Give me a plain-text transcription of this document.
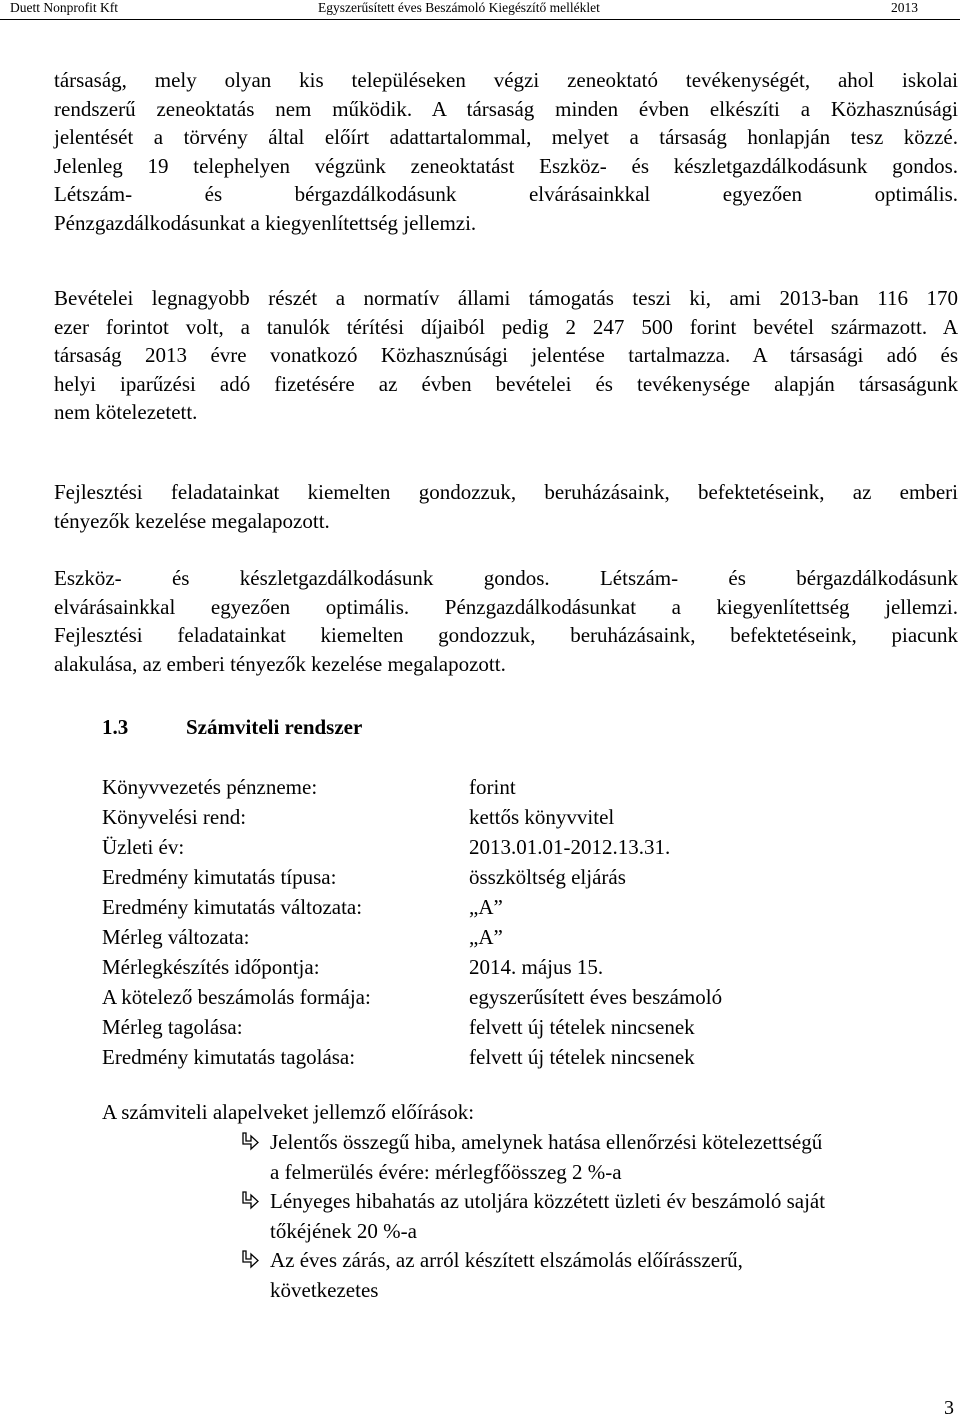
Duett Nonprofit Kft	Egyszerűsített éves Beszámoló Kiegészítő melléklet	2013
társaság, mely olyan kis településeken végzi zeneoktató tevékenységét, ahol iskolai
rendszerű zeneoktatás nem működik. A társaság minden évben elkészíti a Közhasznúsági
jelentését a törvény által előírt adattartalommal, melyet a társaság honlapján tesz közzé.
Jelenleg 19 telephelyen végzünk zeneoktatást Eszköz- és készletgazdálkodásunk gondos.
Létszám- és bérgazdálkodásunk elvárásainkkal egyezően optimális.
Pénzgazdálkodásunkat a kiegyenlítettség jellemzi.
Bevételei legnagyobb részét a normatív állami támogatás teszi ki, ami 2013-ban 116 170
ezer forintot volt, a tanulók térítési díjaiból pedig 2 247 500 forint bevétel származott. A
társaság 2013 évre vonatkozó Közhasznúsági jelentése tartalmazza. A társasági adó és
helyi iparűzési adó fizetésére az évben bevételei és tevékenysége alapján társaságunk
nem kötelezetett.
Fejlesztési feladatainkat kiemelten gondozzuk, beruházásaink, befektetéseink, az emberi
tényezők kezelése megalapozott.
Eszköz- és készletgazdálkodásunk gondos. Létszám- és bérgazdálkodásunk
elvárásainkkal egyezően optimális. Pénzgazdálkodásunkat a kiegyenlítettség jellemzi.
Fejlesztési feladatainkat kiemelten gondozzuk, beruházásaink, befektetéseink, piacunk
alakulása, az emberi tényezők kezelése megalapozott.
1.3	Számviteli rendszer
Könyvvezetés pénzneme:	forint
Könyvelési rend:	kettős könyvvitel
Üzleti év:	2013.01.01-2012.13.31.
Eredmény kimutatás típusa:	összköltség eljárás
Eredmény kimutatás változata:	„A”
Mérleg változata:	„A”
Mérlegkészítés időpontja:	2014. május 15.
A kötelező beszámolás formája:	egyszerűsített éves beszámoló
Mérleg tagolása:	felvett új tételek nincsenek
Eredmény kimutatás tagolása:	felvett új tételek nincsenek
A számviteli alapelveket jellemző előírások:
Jelentős összegű hiba, amelynek hatása ellenőrzési kötelezettségű
a felmerülés évére: mérlegfőösszeg 2 %-a
Lényeges hibahatás az utoljára közzétett üzleti év beszámoló saját
tőkéjének 20 %-a
Az éves zárás, az arról készített elszámolás előírásszerű,
következetes
3
